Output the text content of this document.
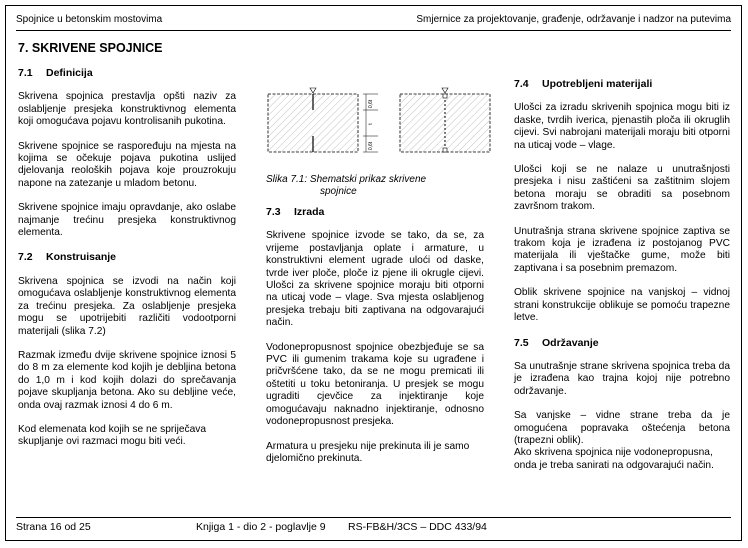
Spojnice u betonskim mostovima	Smjernice za projektovanje, građenje, održavanje i nadzor na putevima
7. SKRIVENE SPOJNICE
7.1 Definicija

Skrivena spojnica prestavlja opšti naziv za oslabljenje presjeka konstruktivnog elementa koji omogućava pojavu kontrolisanih pukotina.

Skrivene spojnice se raspoređuju na mjesta na kojima se očekuje pojava pukotina uslijed djelovanja reoloških pojava koje prouzrokuju napone na zatezanje u mladom betonu.

Skrivene spojnice imaju opravdanje, ako oslabe najmanje trećinu presjeka konstruktivnog elementa.

7.2 Konstruisanje

Skrivena spojnica se izvodi na način koji omogućava oslabljenje konstruktivnog elementa za trećinu presjeka. Za oslabljenje presjeka mogu se upotrijebiti različiti vodootporni materijali (slika 7.2)

Razmak između dvije skrivene spojnice iznosi 5 do 8 m za elemente kod kojih je debljina betona do 1,0 m i kod kojih dolazi do sprečavanja pojave skupljanja betona. Ako su debljine veće, onda ovaj razmak iznosi 4 do 6 m.

Kod elemenata kod kojih se ne spriječava skupljanje ovi razmaci mogu biti veći.

0,6t
t
0,6t
Slika 7.1: Shematski prikaz skrivene
spojnice
7.3 Izrada

Skrivene spojnice izvode se tako, da se, za vrijeme postavljanja oplate i armature, u konstruktivni element ugrade uloći od daske, tvrde iver ploče, ploče iz pjene ili okrugle cijevi. Ulošci za skrivene spojnice moraju biti otporni na uticaj vode – vlage. Sva mjesta oslabljenog presjeka trebaju biti zaptivana na odgovarajući način.

Vodonepropusnost spojnice obezbjeđuje se sa PVC ili gumenim trakama koje su ugrađene i pričvršćene tako, da se ne mogu premicati ili oštetiti u toku betoniranja. U presjek se mogu ugraditi cjevčice za injektiranje koje omogućavaju naknadno injektiranje, odnosno vodonepropusnost presjeka.

Armatura u presjeku nije prekinuta ili je samo djelomično prekinuta.

7.4 Upotrebljeni materijali

Ulošci za izradu skrivenih spojnica mogu biti iz daske, tvrdih iverica, pjenastih ploča ili okruglih cijevi. Svi nabrojani materijali moraju biti otporni na uticaj vode – vlage.

Ulošci koji se ne nalaze u unutrašnjosti presjeka i nisu zaštićeni sa zaštitnim slojem betona moraju se obraditi sa posebnom završnom trakom.

Unutrašnja strana skrivene spojnice zaptiva se trakom koja je izrađena iz postojanog PVC materijala ili vještačke gume, može biti zaptivana i sa posebnim premazom.

Oblik skrivene spojnice na vanjskoj – vidnoj strani konstrukcije oblikuje se pomoću trapezne letve.

7.5 Održavanje

Sa unutrašnje strane skrivena spojnica treba da je izrađena kao trajna kojoj nije potrebno održavanje.

Sa vanjske – vidne strane treba da je omogućena popravaka oštećenja betona (trapezni oblik).

Ako skrivena spojnica nije vodonepropusna, onda je treba sanirati na odgovarajući način.

Strana 16 od 25	Knjiga 1 - dio 2 - poglavlje 9 RS-FB&H/3CS – DDC 433/94
